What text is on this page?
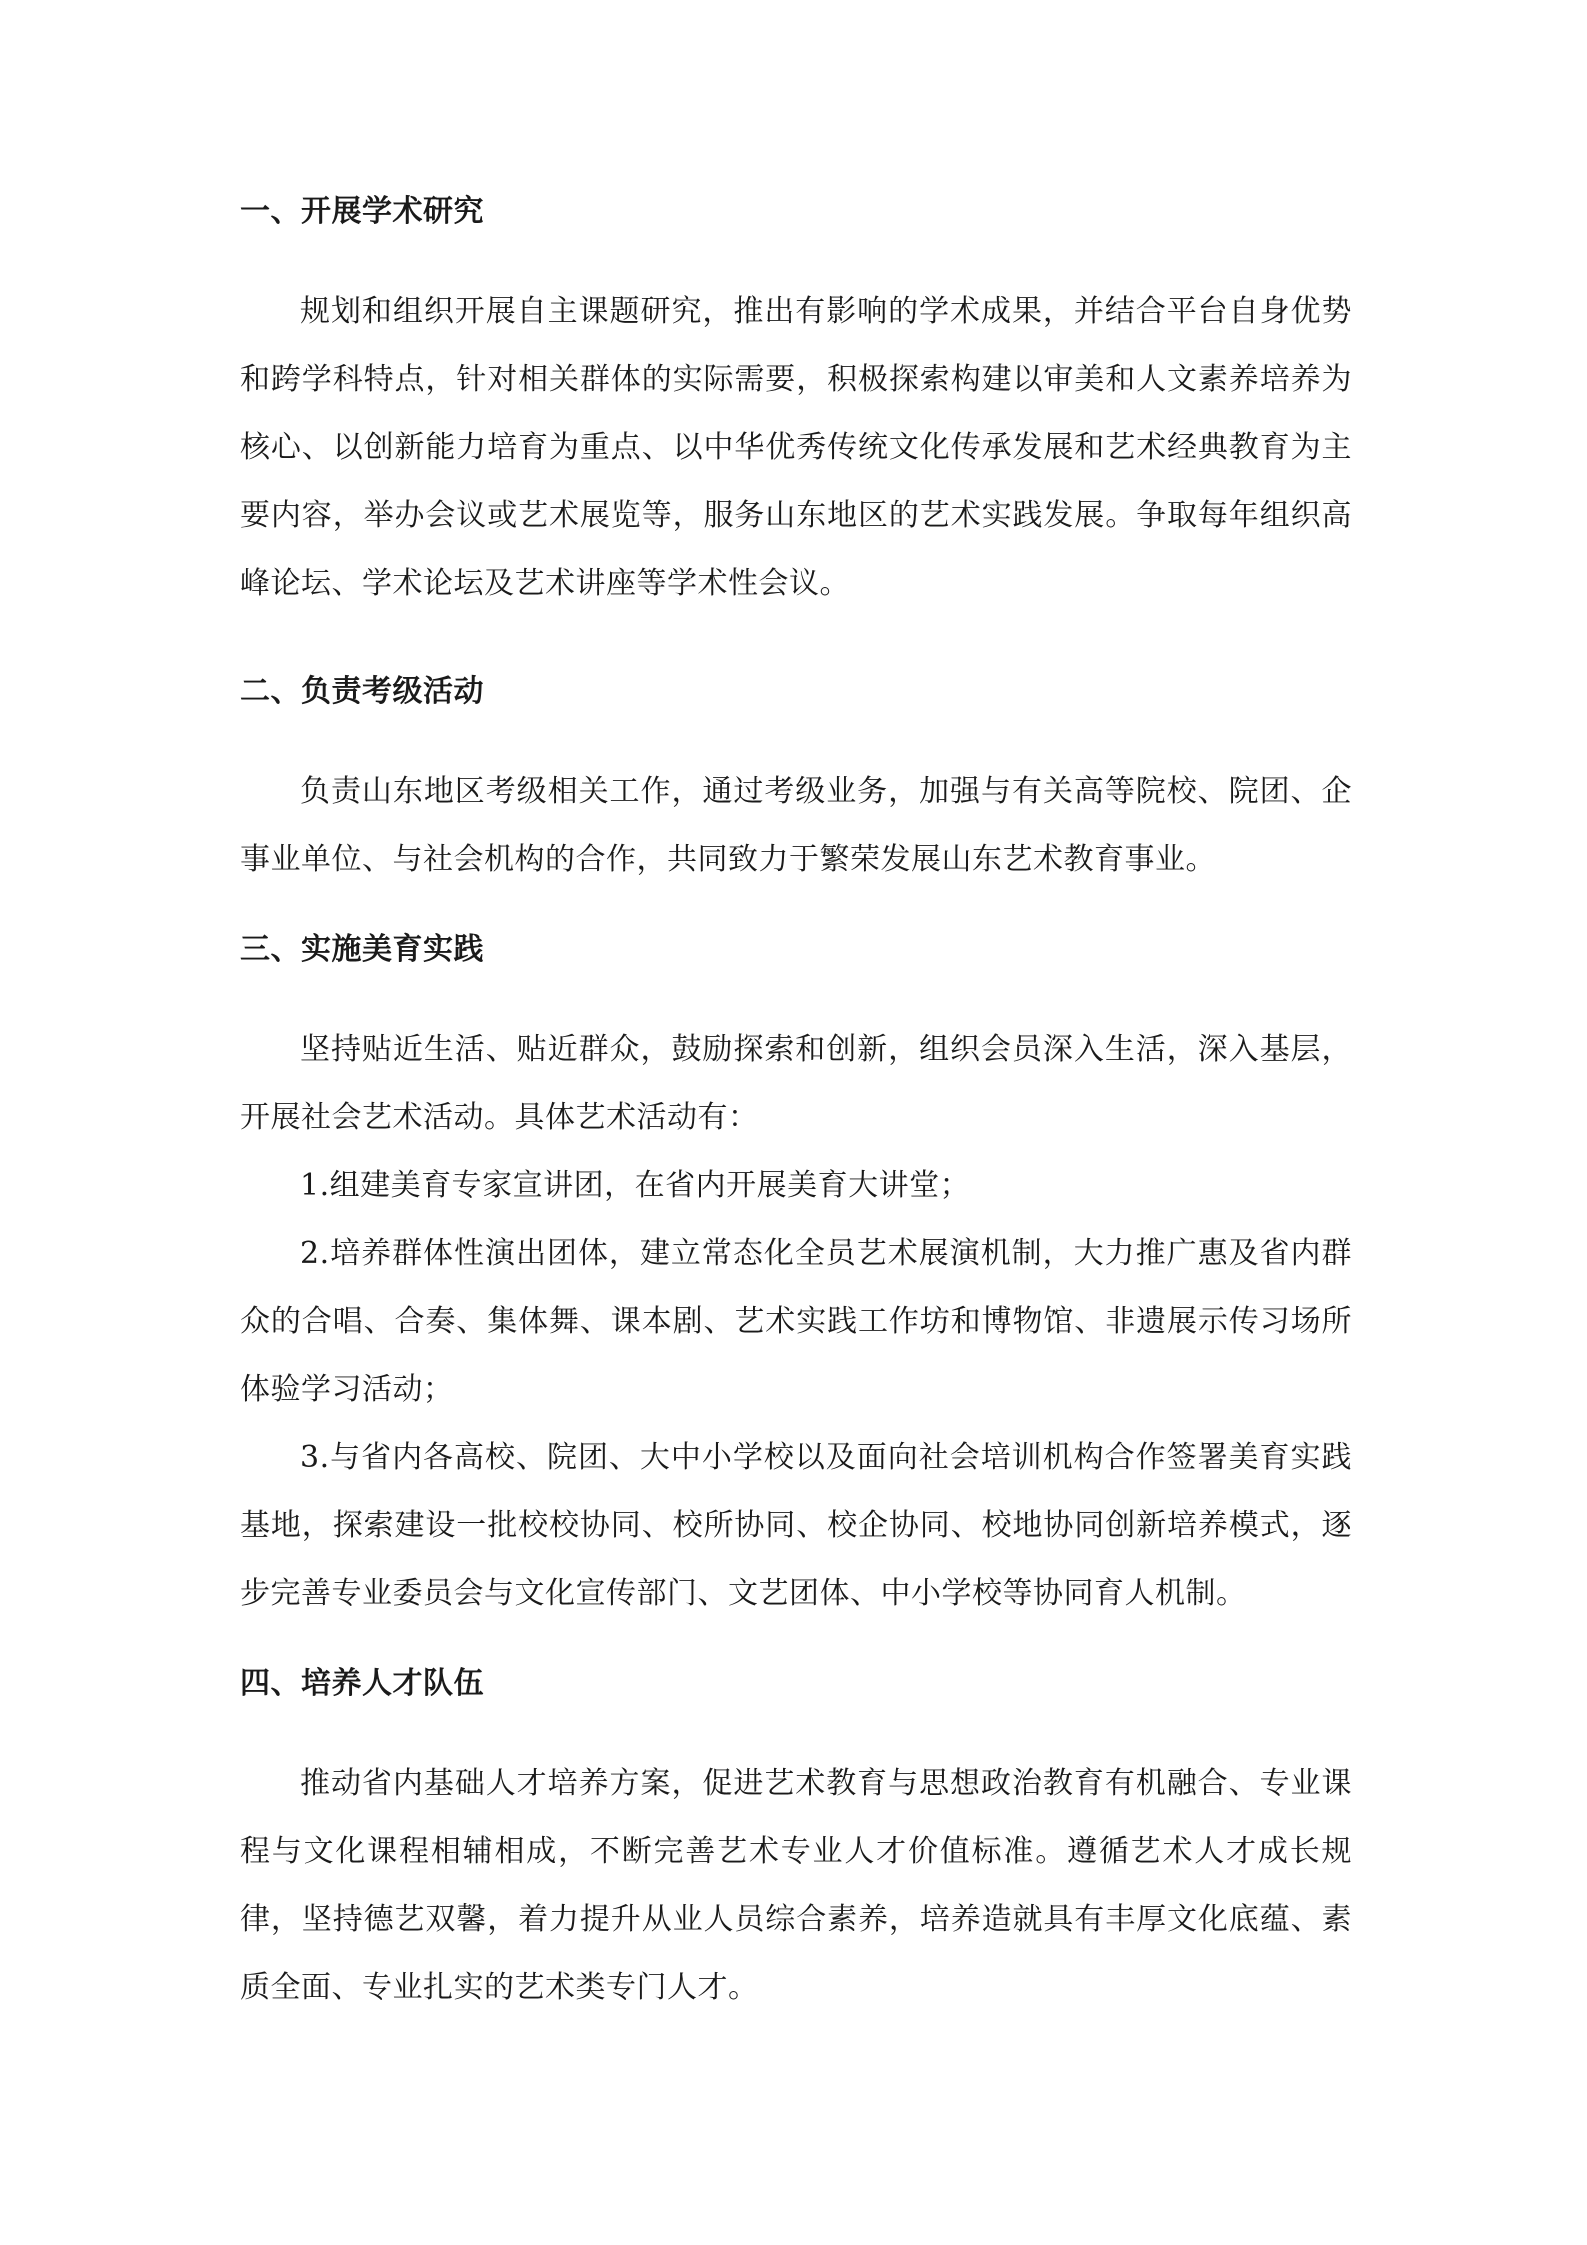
一、开展学术研究

规划和组织开展自主课题研究，推出有影响的学术成果，并结合平台自身优势和跨学科特点，针对相关群体的实际需要，积极探索构建以审美和人文素养培养为核心、以创新能力培育为重点、以中华优秀传统文化传承发展和艺术经典教育为主要内容，举办会议或艺术展览等，服务山东地区的艺术实践发展。争取每年组织高峰论坛、学术论坛及艺术讲座等学术性会议。

二、负责考级活动

负责山东地区考级相关工作，通过考级业务，加强与有关高等院校、院团、企事业单位、与社会机构的合作，共同致力于繁荣发展山东艺术教育事业。

三、实施美育实践

坚持贴近生活、贴近群众，鼓励探索和创新，组织会员深入生活，深入基层，开展社会艺术活动。具体艺术活动有：

1.组建美育专家宣讲团，在省内开展美育大讲堂；

2.培养群体性演出团体，建立常态化全员艺术展演机制，大力推广惠及省内群众的合唱、合奏、集体舞、课本剧、艺术实践工作坊和博物馆、非遗展示传习场所体验学习活动；

3.与省内各高校、院团、大中小学校以及面向社会培训机构合作签署美育实践基地，探索建设一批校校协同、校所协同、校企协同、校地协同创新培养模式，逐步完善专业委员会与文化宣传部门、文艺团体、中小学校等协同育人机制。

四、培养人才队伍

推动省内基础人才培养方案，促进艺术教育与思想政治教育有机融合、专业课程与文化课程相辅相成，不断完善艺术专业人才价值标准。遵循艺术人才成长规律，坚持德艺双馨，着力提升从业人员综合素养，培养造就具有丰厚文化底蕴、素质全面、专业扎实的艺术类专门人才。
